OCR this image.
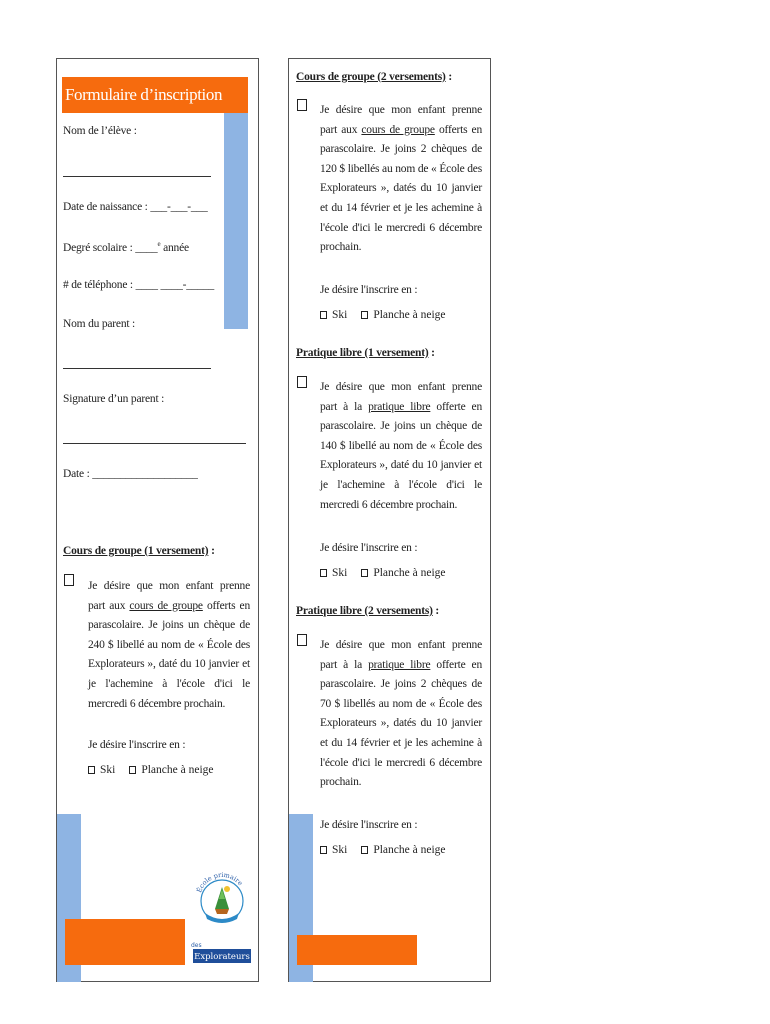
Formulaire d’inscription
Nom de l’élève :
Date de naissance : ___-___-___
Degré scolaire : ____$^e$ année
# de téléphone : ____ ____-_____
Nom du parent :
Signature d’un parent :
Date : ___________________
Cours de groupe (1 versement) :
Je désire que mon enfant prenne part aux cours de groupe offerts en parascolaire. Je joins un chèque de 240 $ libellé au nom de « École des Explorateurs », daté du 10 janvier et je l'achemine à l'école d'ici le mercredi 6 décembre prochain.
Je désire l'inscrire en :
Ski Planche à neige
École primaire
des
Explorateurs
Cours de groupe (2 versements) :
Je désire que mon enfant prenne part aux cours de groupe offerts en parascolaire. Je joins 2 chèques de 120 $ libellés au nom de « École des Explorateurs », datés du 10 janvier et du 14 février et je les achemine à l'école d'ici le mercredi 6 décembre prochain.
Je désire l'inscrire en :
Ski Planche à neige
Pratique libre (1 versement) :
Je désire que mon enfant prenne part à la pratique libre offerte en parascolaire. Je joins un chèque de 140 $ libellé au nom de « École des Explorateurs », daté du 10 janvier et je l'achemine à l'école d'ici le mercredi 6 décembre prochain.
Je désire l'inscrire en :
Ski Planche à neige
Pratique libre (2 versements) :
Je désire que mon enfant prenne part à la pratique libre offerte en parascolaire. Je joins 2 chèques de 70 $ libellés au nom de « École des Explorateurs », datés du 10 janvier et du 14 février et je les achemine à l'école d'ici le mercredi 6 décembre prochain.
Je désire l'inscrire en :
Ski Planche à neige
